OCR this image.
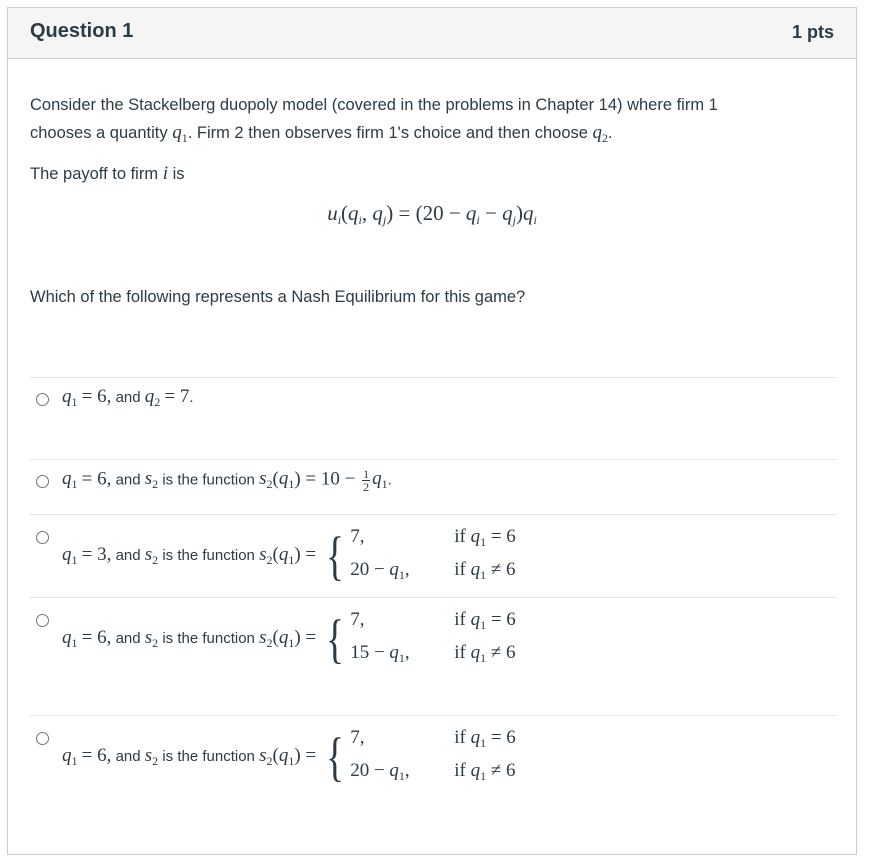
Question 1	1 pts
Consider the Stackelberg duopoly model (covered in the problems in Chapter 14) where firm 1
chooses a quantity $q_1$. Firm 2 then observes firm 1's choice and then choose $q_2$.
The payoff to firm i is
ui(qi, qj) = (20 − qi − qj)qi
Which of the following represents a Nash Equilibrium for this game?
$q_1 = 6$, and $q_2 = 7$.
$q_1 = 6$, and $s_2$ is the function $s_2(q_1) = 10 - \frac{1}{2} q_1$.
$q_1 = 3$, and $s_2$ is the function $s_2(q_1)$ = { 7,	if $q_1 = 6$
$20 - q_1$,	if $q_1 \ne 6$
$q_1 = 6$, and $s_2$ is the function $s_2(q_1)$ = { 7,	if $q_1 = 6$
$15 - q_1$,	if $q_1 \ne 6$
$q_1 = 6$, and $s_2$ is the function $s_2(q_1)$ = { 7,	if $q_1 = 6$
$20 - q_1$,	if $q_1 \ne 6$
